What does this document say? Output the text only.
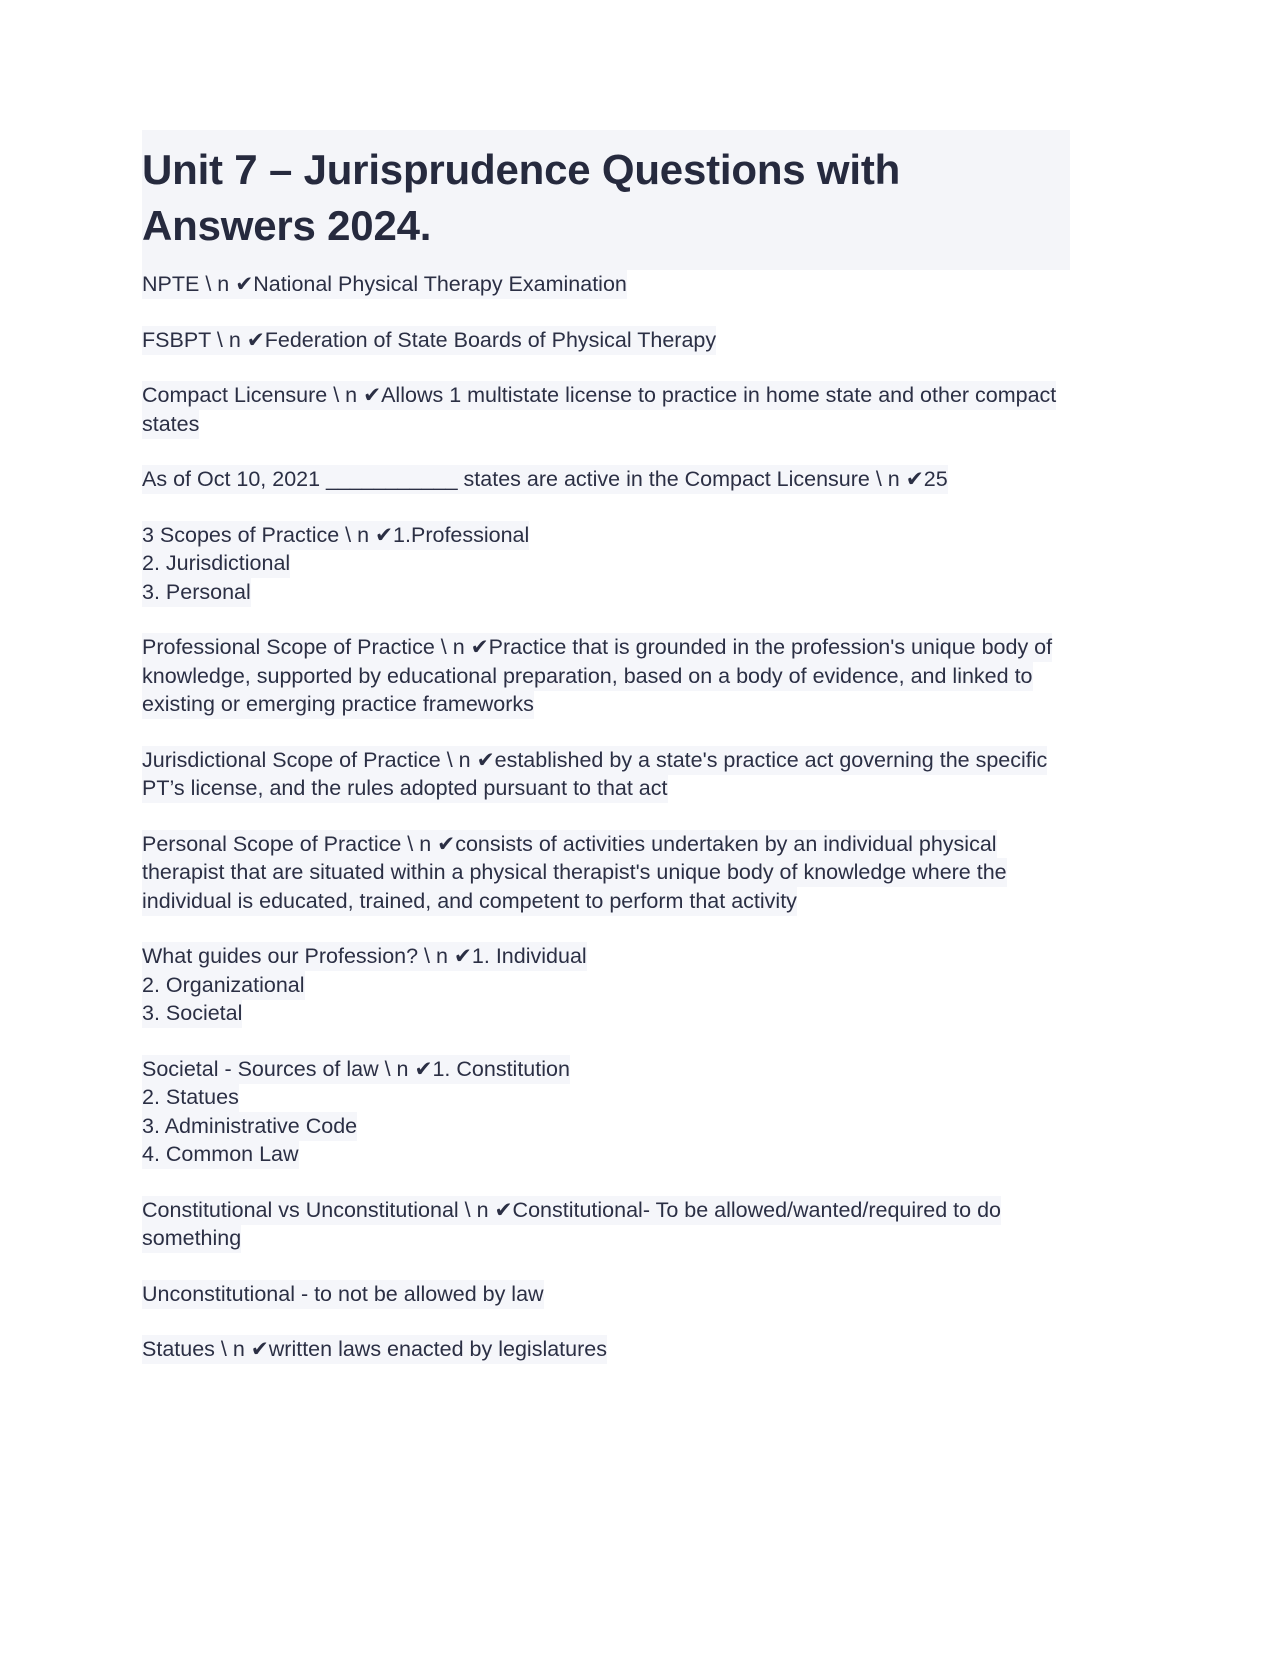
Unit 7 – Jurisprudence Questions with Answers 2024.

NPTE \ n ✔National Physical Therapy Examination

FSBPT \ n ✔Federation of State Boards of Physical Therapy

Compact Licensure \ n ✔Allows 1 multistate license to practice in home state and other compact states

As of Oct 10, 2021 ___________ states are active in the Compact Licensure \ n ✔25

3 Scopes of Practice \ n ✔1.Professional
2. Jurisdictional
3. Personal

Professional Scope of Practice \ n ✔Practice that is grounded in the profession's unique body of knowledge, supported by educational preparation, based on a body of evidence, and linked to existing or emerging practice frameworks

Jurisdictional Scope of Practice \ n ✔established by a state's practice act governing the specific PT’s license, and the rules adopted pursuant to that act

Personal Scope of Practice \ n ✔consists of activities undertaken by an individual physical therapist that are situated within a physical therapist's unique body of knowledge where the individual is educated, trained, and competent to perform that activity

What guides our Profession? \ n ✔1. Individual
2. Organizational
3. Societal

Societal - Sources of law \ n ✔1. Constitution
2. Statues
3. Administrative Code
4. Common Law

Constitutional vs Unconstitutional \ n ✔Constitutional- To be allowed/wanted/required to do something

Unconstitutional - to not be allowed by law

Statues \ n ✔written laws enacted by legislatures
